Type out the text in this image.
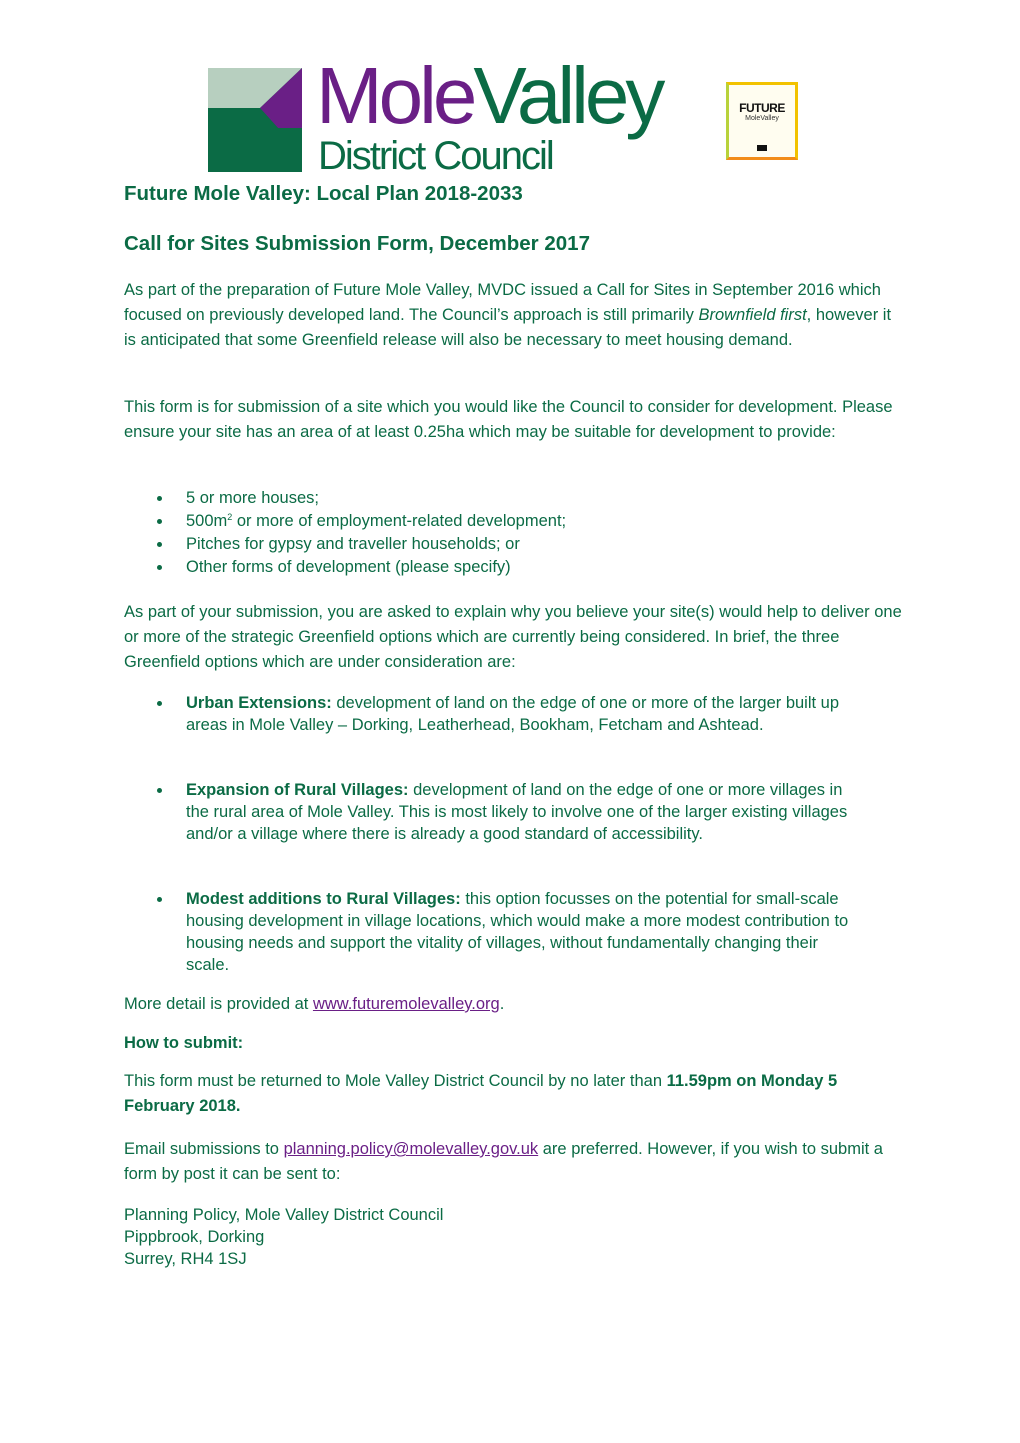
MoleValley
District Council
FUTURE
MoleValley
Future Mole Valley: Local Plan 2018-2033
Call for Sites Submission Form, December 2017

As part of the preparation of Future Mole Valley, MVDC issued a Call for Sites in September 2016 which focused on previously developed land. The Council’s approach is still primarily Brownfield first, however it is anticipated that some Greenfield release will also be necessary to meet housing demand.

This form is for submission of a site which you would like the Council to consider for development. Please ensure your site has an area of at least 0.25ha which may be suitable for development to provide:

5 or more houses;
$500m^2$ or more of employment-related development;
Pitches for gypsy and traveller households; or
Other forms of development (please specify)

As part of your submission, you are asked to explain why you believe your site(s) would help to deliver one or more of the strategic Greenfield options which are currently being considered. In brief, the three Greenfield options which are under consideration are:

Urban Extensions: development of land on the edge of one or more of the larger built up areas in Mole Valley – Dorking, Leatherhead, Bookham, Fetcham and Ashtead.
Expansion of Rural Villages: development of land on the edge of one or more villages in the rural area of Mole Valley. This is most likely to involve one of the larger existing villages and/or a village where there is already a good standard of accessibility.
Modest additions to Rural Villages: this option focusses on the potential for small-scale housing development in village locations, which would make a more modest contribution to housing needs and support the vitality of villages, without fundamentally changing their scale.
More detail is provided at www.futuremolevalley.org.
How to submit:

This form must be returned to Mole Valley District Council by no later than 11.59pm on Monday 5 February 2018.

Email submissions to planning.policy@molevalley.gov.uk are preferred. However, if you wish to submit a form by post it can be sent to:

Planning Policy, Mole Valley District Council
Pippbrook, Dorking
Surrey, RH4 1SJ
